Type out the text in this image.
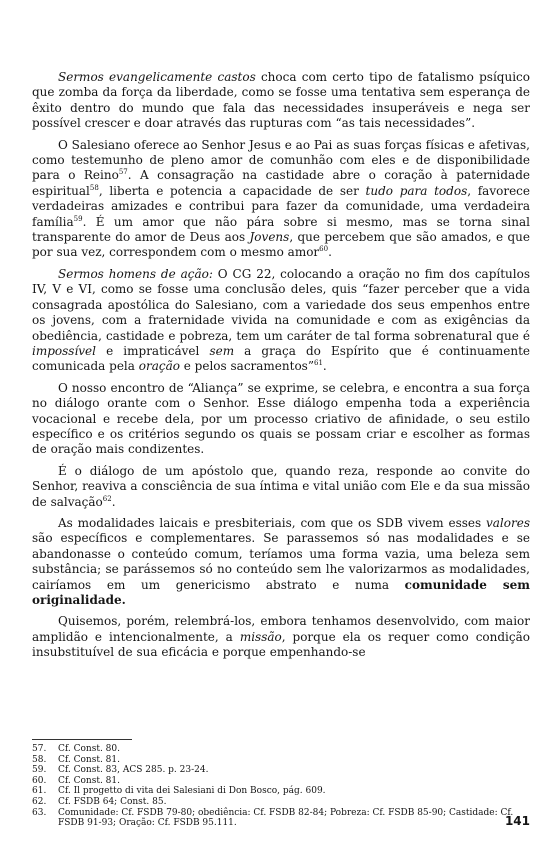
Sermos evangelicamente castos choca com certo tipo de fatalismo psíquico que zomba da força da liberdade, como se fosse uma tentativa sem esperança de êxito dentro do mundo que fala das necessidades insuperáveis e nega ser possível crescer e doar através das rupturas com “as tais necessidades”.

O Salesiano oferece ao Senhor Jesus e ao Pai as suas forças físicas e afetivas, como testemunho de pleno amor de comunhão com eles e de disponibilidade para o Reino$^{57}$. A consagração na castidade abre o coração à paternidade espiritual$^{58}$, liberta e potencia a capacidade de ser tudo para todos, favorece verdadeiras amizades e contribui para fazer da comunidade, uma verdadeira família$^{59}$. É um amor que não pára sobre si mesmo, mas se torna sinal transparente do amor de Deus aos Jovens, que percebem que são amados, e que por sua vez, correspondem com o mesmo amor$^{60}$.

Sermos homens de ação: O CG 22, colocando a oração no fim dos capítulos IV, V e VI, como se fosse uma conclusão deles, quis “fazer perceber que a vida consagrada apostólica do Salesiano, com a variedade dos seus empenhos entre os jovens, com a fraternidade vivida na comunidade e com as exigências da obediência, castidade e pobreza, tem um caráter de tal forma sobrenatural que é impossível e impraticável sem a graça do Espírito que é continuamente comunicada pela oração e pelos sacramentos”$^{61}$.

O nosso encontro de “Aliança” se exprime, se celebra, e encontra a sua força no diálogo orante com o Senhor. Esse diálogo empenha toda a experiência vocacional e recebe dela, por um processo criativo de afinidade, o seu estilo específico e os critérios segundo os quais se possam criar e escolher as formas de oração mais condizentes.

É o diálogo de um apóstolo que, quando reza, responde ao convite do Senhor, reaviva a consciência de sua íntima e vital união com Ele e da sua missão de salvação$^{62}$.

As modalidades laicais e presbiteriais, com que os SDB vivem esses valores são específicos e complementares. Se parassemos só nas modalidades e se abandonasse o conteúdo comum, teríamos uma forma vazia, uma beleza sem substância; se parássemos só no conteúdo sem lhe valorizarmos as modalidades, cairíamos em um genericismo abstrato e numa comunidade sem originalidade.

Quisemos, porém, relembrá-los, embora tenhamos desenvolvido, com maior amplidão e intencionalmente, a missão, porque ela os requer como condição insubstituível de sua eficácia e porque empenhando-se

57.	Cf. Const. 80.
58.	Cf. Const. 81.
59.	Cf. Const. 83, ACS 285. p. 23-24.
60.	Cf. Const. 81.
61.	Cf. Il progetto di vita dei Salesiani di Don Bosco, pág. 609.
62.	Cf. FSDB 64; Const. 85.
63.	Comunidade: Cf. FSDB 79-80; obediência: Cf. FSDB 82-84; Pobreza: Cf. FSDB 85-90; Castidade: Cf. FSDB 91-93; Oração: Cf. FSDB 95.111.	141
